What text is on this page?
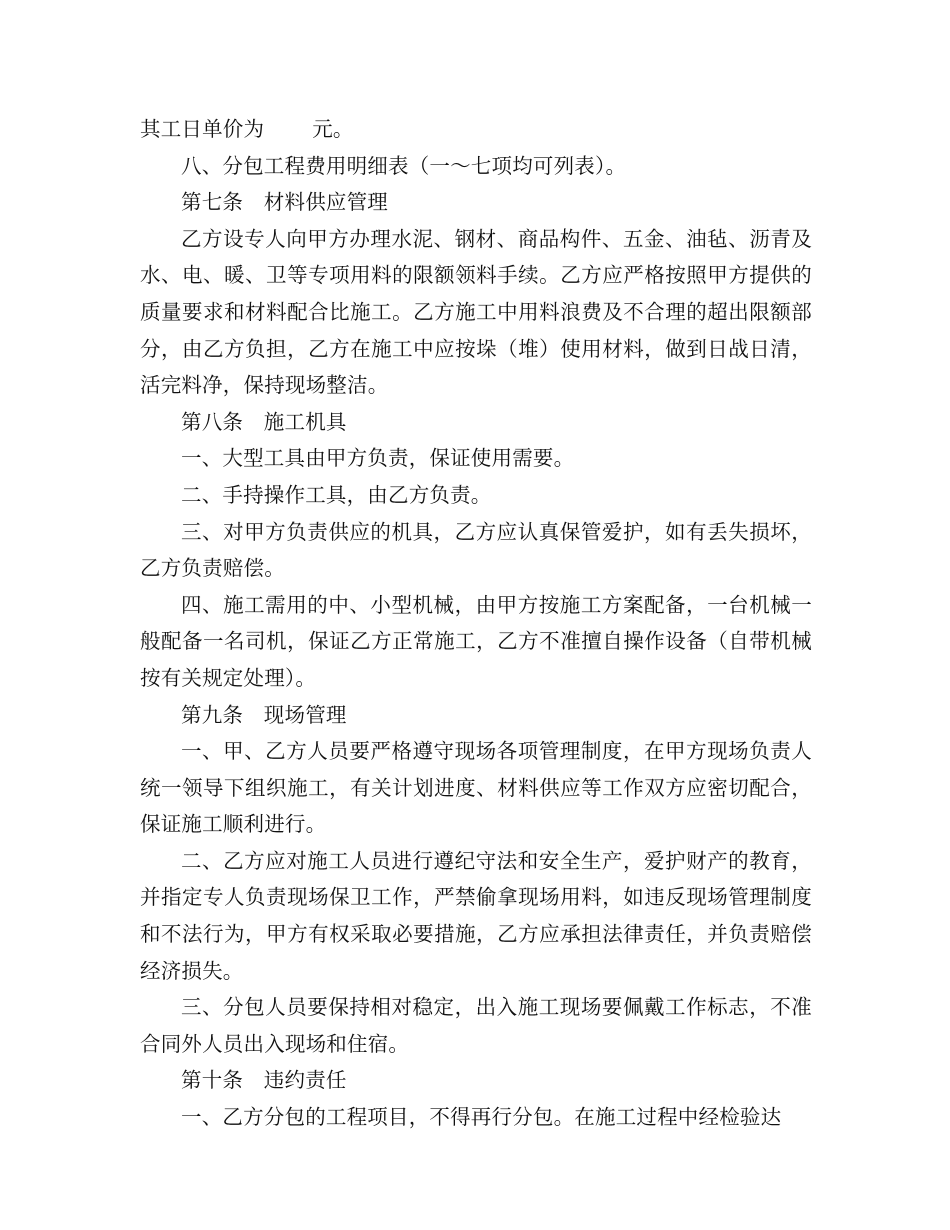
其工日单价为 元。

八、分包工程费用明细表（一～七项均可列表）。

第七条　材料供应管理

乙方设专人向甲方办理水泥、钢材、商品构件、五金、油毡、沥青及水、电、暖、卫等专项用料的限额领料手续。乙方应严格按照甲方提供的质量要求和材料配合比施工。乙方施工中用料浪费及不合理的超出限额部分，由乙方负担，乙方在施工中应按垛（堆）使用材料，做到日战日清，活完料净，保持现场整洁。

第八条　施工机具

一、大型工具由甲方负责，保证使用需要。

二、手持操作工具，由乙方负责。

三、对甲方负责供应的机具，乙方应认真保管爱护，如有丢失损坏，乙方负责赔偿。

四、施工需用的中、小型机械，由甲方按施工方案配备，一台机械一般配备一名司机，保证乙方正常施工，乙方不准擅自操作设备（自带机械按有关规定处理）。

第九条　现场管理

一、甲、乙方人员要严格遵守现场各项管理制度，在甲方现场负责人统一领导下组织施工，有关计划进度、材料供应等工作双方应密切配合，保证施工顺利进行。

二、乙方应对施工人员进行遵纪守法和安全生产，爱护财产的教育，并指定专人负责现场保卫工作，严禁偷拿现场用料，如违反现场管理制度和不法行为，甲方有权采取必要措施，乙方应承担法律责任，并负责赔偿经济损失。

三、分包人员要保持相对稳定，出入施工现场要佩戴工作标志，不准合同外人员出入现场和住宿。

第十条　违约责任

一、乙方分包的工程项目，不得再行分包。在施工过程中经检验达
